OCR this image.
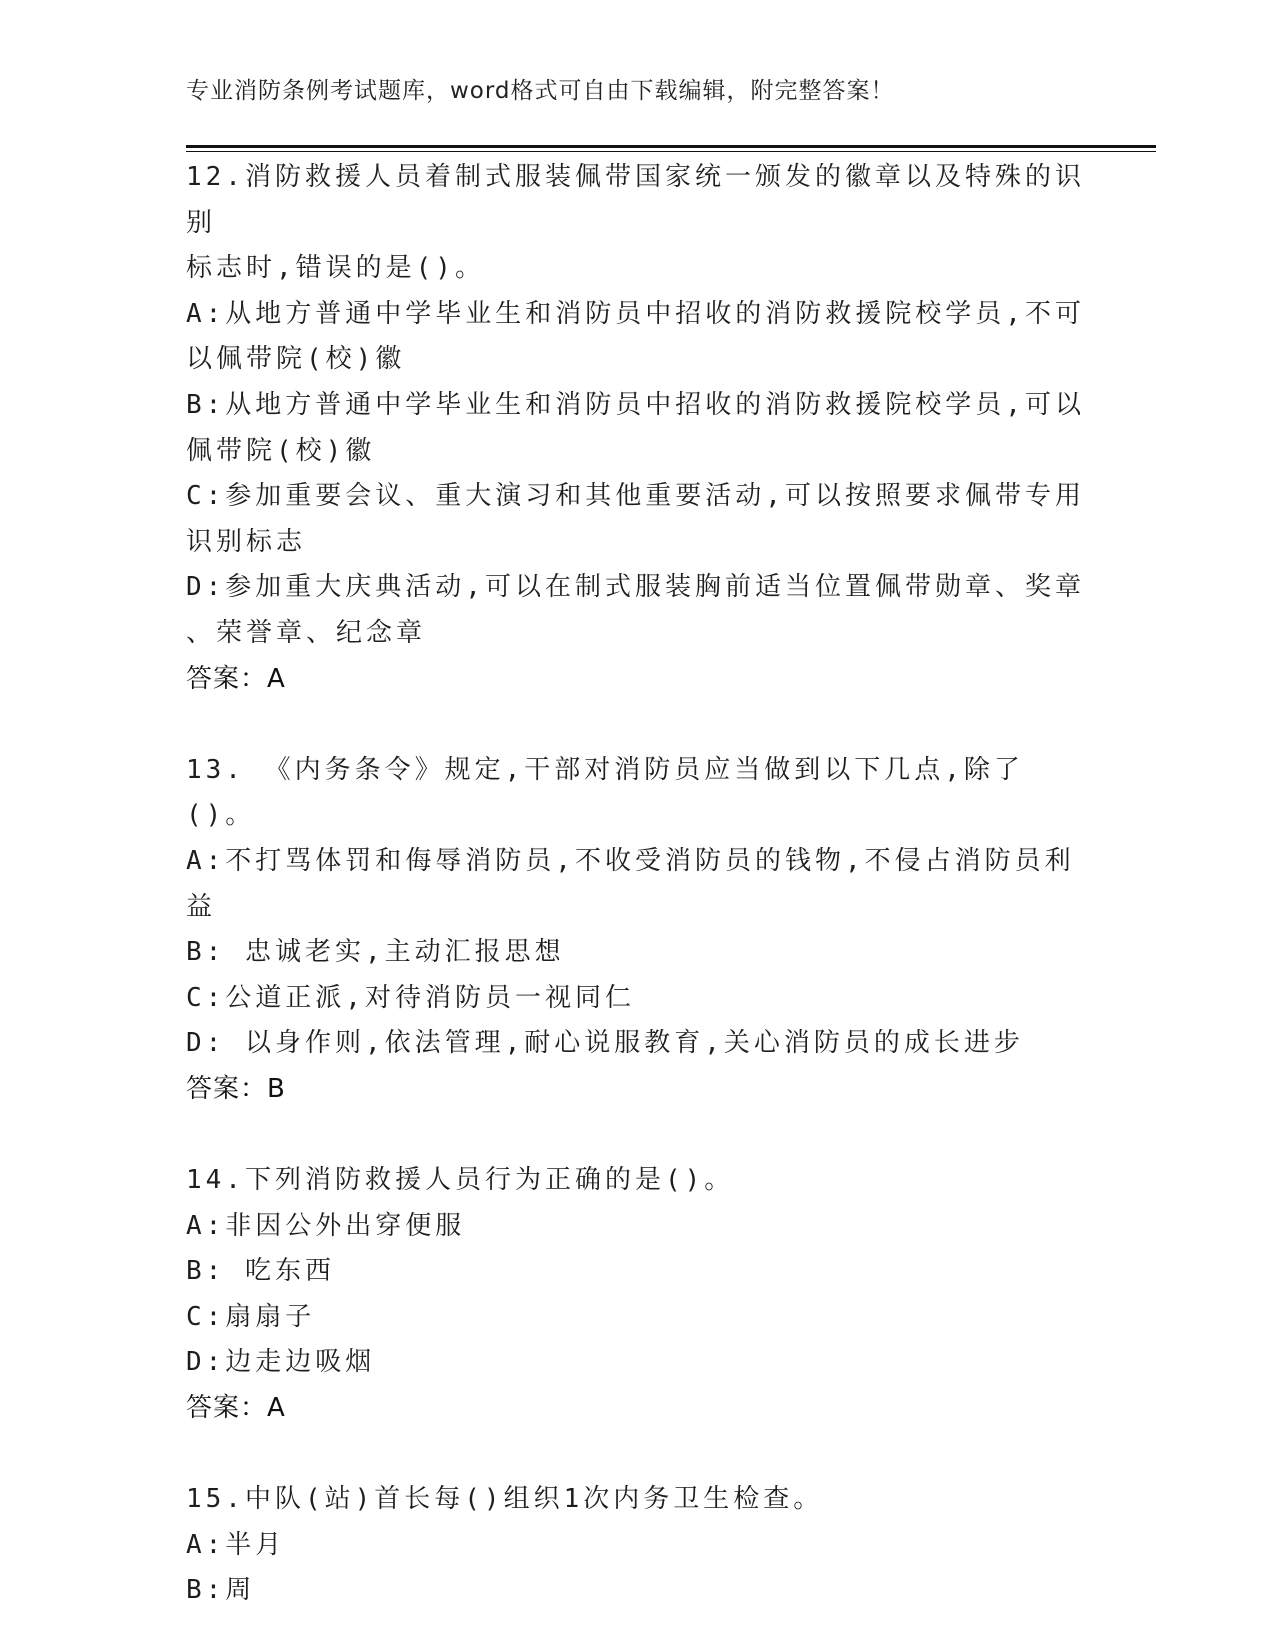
专业消防条例考试题库，word格式可自由下载编辑，附完整答案！
12.消防救援人员着制式服装佩带国家统一颁发的徽章以及特殊的识别
标志时,错误的是()。
A:从地方普通中学毕业生和消防员中招收的消防救援院校学员,不可
以佩带院(校)徽
B:从地方普通中学毕业生和消防员中招收的消防救援院校学员,可以
佩带院(校)徽
C:参加重要会议、重大演习和其他重要活动,可以按照要求佩带专用
识别标志
D:参加重大庆典活动,可以在制式服装胸前适当位置佩带勋章、奖章
、荣誉章、纪念章
答案：A
13. 《内务条令》规定,干部对消防员应当做到以下几点,除了()。
A:不打骂体罚和侮辱消防员,不收受消防员的钱物,不侵占消防员利益
B: 忠诚老实,主动汇报思想
C:公道正派,对待消防员一视同仁
D: 以身作则,依法管理,耐心说服教育,关心消防员的成长进步
答案：B
14.下列消防救援人员行为正确的是()。
A:非因公外出穿便服
B: 吃东西
C:扇扇子
D:边走边吸烟
答案：A
15.中队(站)首长每()组织1次内务卫生检查。
A:半月
B:周
